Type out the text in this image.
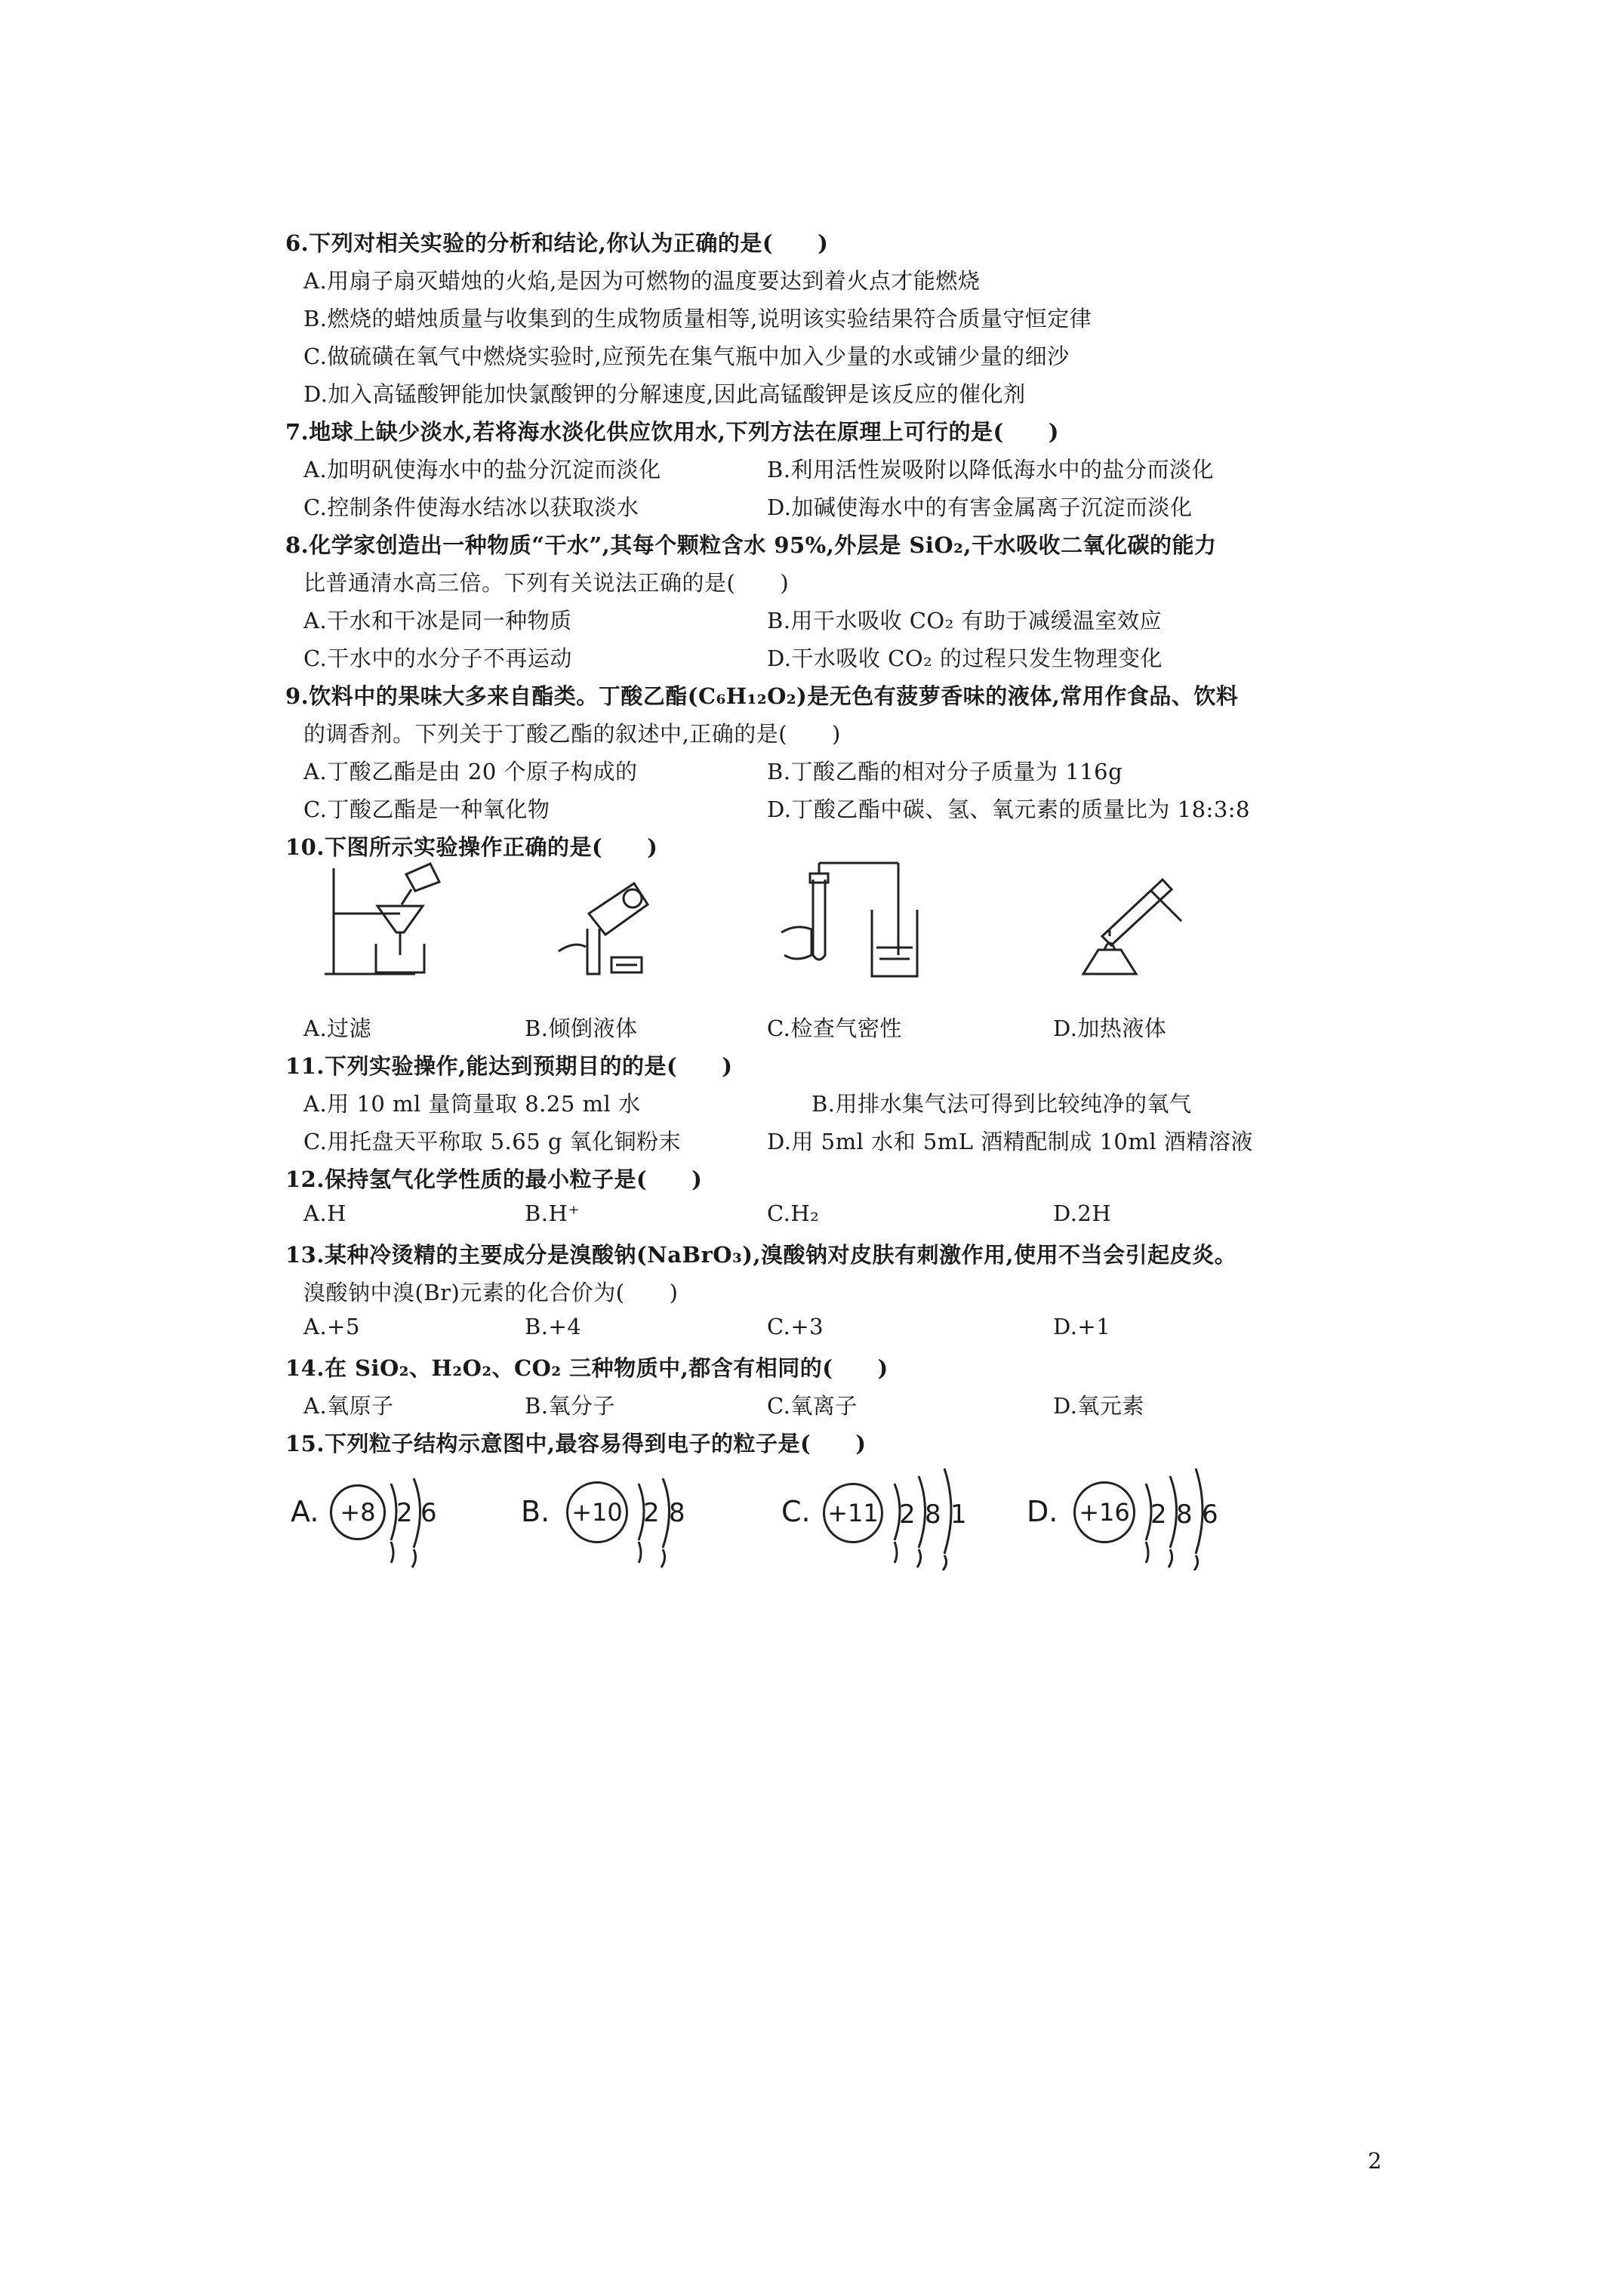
6.下列对相关实验的分析和结论,你认为正确的是(　　)
A.用扇子扇灭蜡烛的火焰,是因为可燃物的温度要达到着火点才能燃烧
B.燃烧的蜡烛质量与收集到的生成物质量相等,说明该实验结果符合质量守恒定律
C.做硫磺在氧气中燃烧实验时,应预先在集气瓶中加入少量的水或铺少量的细沙
D.加入高锰酸钾能加快氯酸钾的分解速度,因此高锰酸钾是该反应的催化剂
7.地球上缺少淡水,若将海水淡化供应饮用水,下列方法在原理上可行的是(　　)
A.加明矾使海水中的盐分沉淀而淡化	B.利用活性炭吸附以降低海水中的盐分而淡化
C.控制条件使海水结冰以获取淡水	D.加碱使海水中的有害金属离子沉淀而淡化
8.化学家创造出一种物质“干水”,其每个颗粒含水 95%,外层是 SiO₂,干水吸收二氧化碳的能力
比普通清水高三倍。下列有关说法正确的是(　　)
A.干水和干冰是同一种物质	B.用干水吸收 CO₂ 有助于减缓温室效应
C.干水中的水分子不再运动	D.干水吸收 CO₂ 的过程只发生物理变化
9.饮料中的果味大多来自酯类。丁酸乙酯(C₆H₁₂O₂)是无色有菠萝香味的液体,常用作食品、饮料
的调香剂。下列关于丁酸乙酯的叙述中,正确的是(　　)
A.丁酸乙酯是由 20 个原子构成的	B.丁酸乙酯的相对分子质量为 116g
C.丁酸乙酯是一种氧化物	D.丁酸乙酯中碳、氢、氧元素的质量比为 18:3:8
10.下图所示实验操作正确的是(　　)
A.过滤	B.倾倒液体	C.检查气密性	D.加热液体
11.下列实验操作,能达到预期目的的是(　　)
A.用 10 ml 量筒量取 8.25 ml 水	B.用排水集气法可得到比较纯净的氧气
C.用托盘天平称取 5.65 g 氧化铜粉末	D.用 5ml 水和 5mL 酒精配制成 10ml 酒精溶液
12.保持氢气化学性质的最小粒子是(　　)
A.H	B.H⁺	C.H₂	D.2H
13.某种冷烫精的主要成分是溴酸钠(NaBrO₃),溴酸钠对皮肤有刺激作用,使用不当会引起皮炎。
溴酸钠中溴(Br)元素的化合价为(　　)
A.+5	B.+4	C.+3	D.+1
14.在 SiO₂、H₂O₂、CO₂ 三种物质中,都含有相同的(　　)
A.氧原子	B.氧分子	C.氧离子	D.氧元素
15.下列粒子结构示意图中,最容易得到电子的粒子是(　　)
A. +8 2 6	B. +10 2 8	C. +11 2 8 1 D. +16 2 8 6
2
